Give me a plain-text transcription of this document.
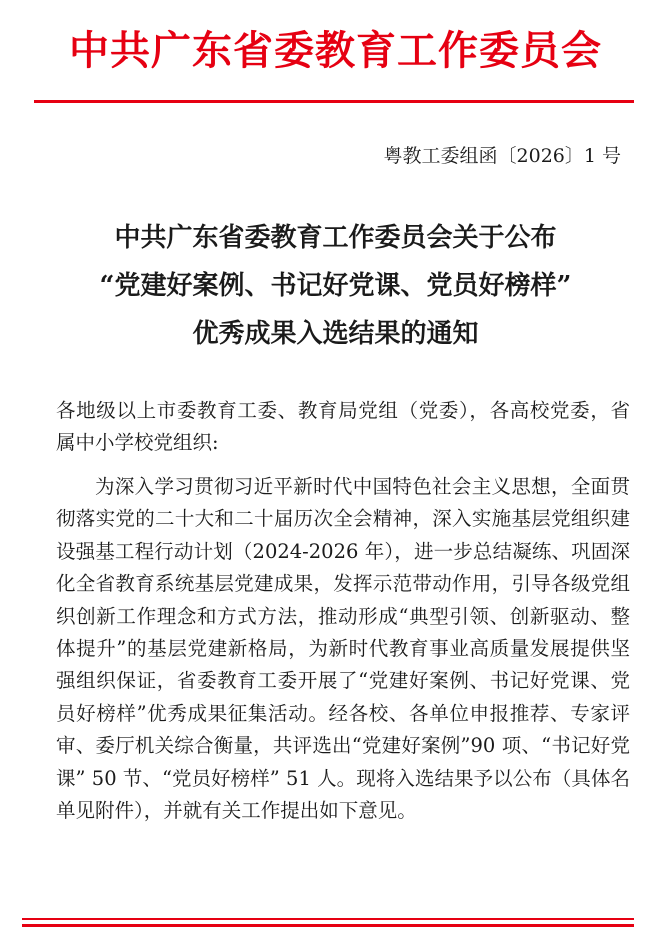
中共广东省委教育工作委员会
粤教工委组函〔2026〕1 号
中共广东省委教育工作委员会关于公布
“党建好案例、书记好党课、党员好榜样”
优秀成果入选结果的通知
各地级以上市委教育工委、教育局党组（党委），各高校党委，省属中小学校党组织:
为深入学习贯彻习近平新时代中国特色社会主义思想，全面贯彻落实党的二十大和二十届历次全会精神，深入实施基层党组织建设强基工程行动计划（2024-2026 年），进一步总结凝练、巩固深化全省教育系统基层党建成果，发挥示范带动作用，引导各级党组织创新工作理念和方式方法，推动形成“典型引领、创新驱动、整体提升”的基层党建新格局，为新时代教育事业高质量发展提供坚强组织保证，省委教育工委开展了“党建好案例、书记好党课、党员好榜样”优秀成果征集活动。经各校、各单位申报推荐、专家评审、委厅机关综合衡量，共评选出“党建好案例”90 项、“书记好党课” 50 节、“党员好榜样” 51 人。现将入选结果予以公布（具体名单见附件），并就有关工作提出如下意见。
